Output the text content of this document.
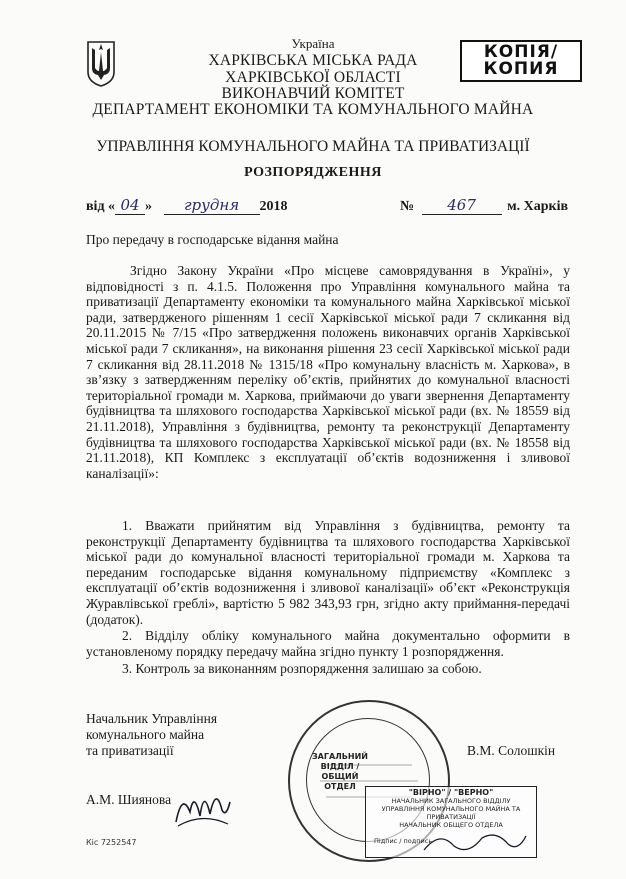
Україна
ХАРКІВСЬКА МІСЬКА РАДА
ХАРКІВСЬКОЇ ОБЛАСТІ
ВИКОНАВЧИЙ КОМІТЕТ
ДЕПАРТАМЕНТ ЕКОНОМІКИ ТА КОМУНАЛЬНОГО МАЙНА
УПРАВЛІННЯ КОМУНАЛЬНОГО МАЙНА ТА ПРИВАТИЗАЦІЇ
РОЗПОРЯДЖЕННЯ
КОПІЯ/
КОПИЯ
від « 04 » грудня 2018	№ 467 м. Харків
Про передачу в господарське відання майна

Згідно Закону України «Про місцеве самоврядування в Україні», у відповідності з п. 4.1.5. Положення про Управління комунального майна та приватизації Департаменту економіки та комунального майна Харківської міської ради, затвердженого рішенням 1 сесії Харківської міської ради 7 скликання від 20.11.2015 № 7/15 «Про затвердження положень виконавчих органів Харківської міської ради 7 скликання», на виконання рішення 23 сесії Харківської міської ради 7 скликання від 28.11.2018 № 1315/18 «Про комунальну власність м. Харкова», в зв’язку з затвердженням переліку об’єктів, прийнятих до комунальної власності територіальної громади м. Харкова, приймаючи до уваги звернення Департаменту будівництва та шляхового господарства Харківської міської ради (вх. № 18559 від 21.11.2018), Управління з будівництва, ремонту та реконструкції Департаменту будівництва та шляхового господарства Харківської міської ради (вх. № 18558 від 21.11.2018), КП Комплекс з експлуатації об’єктів водозниження і зливової каналізації»:

1. Вважати прийнятим від Управління з будівництва, ремонту та реконструкції Департаменту будівництва та шляхового господарства Харківської міської ради до комунальної власності територіальної громади м. Харкова та переданим господарське відання комунальному підприємству «Комплекс з експлуатації об’єктів водозниження і зливової каналізації» об’єкт «Реконструкція Журавлівської греблі», вартістю 5 982 343,93 грн, згідно акту приймання-передачі (додаток).

2. Відділу обліку комунального майна документально оформити в установленому порядку передачу майна згідно пункту 1 розпорядження.

3. Контроль за виконанням розпорядження залишаю за собою.

Начальник Управління
комунального майна
та приватизації	В.М. Солошкін
ЗАГАЛЬНИЙ
ВІДДІЛ /
ОБЩИЙ ОТДЕЛ
"ВІРНО" / "ВЕРНО"
НАЧАЛЬНИК ЗАГАЛЬНОГО ВІДДІЛУ
УПРАВЛІННЯ КОМУНАЛЬНОГО МАЙНА ТА ПРИВАТИЗАЦІЇ
НАЧАЛЬНИК ОБЩЕГО ОТДЕЛА
Підпис / подпись
А.М. Шиянова
Кіс 7252547
